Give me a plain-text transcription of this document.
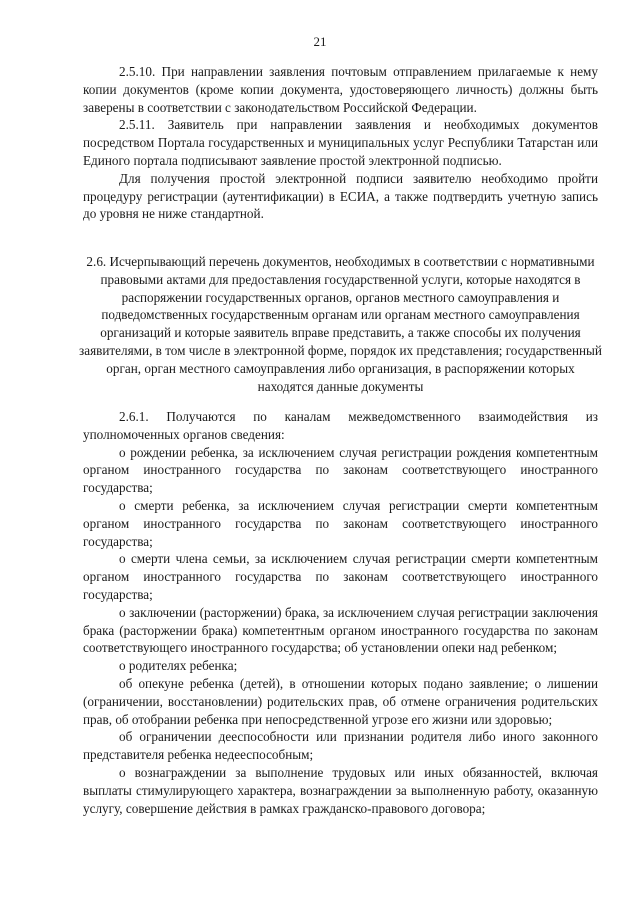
21

2.5.10. При направлении заявления почтовым отправлением прилагаемые к нему копии документов (кроме копии документа, удостоверяющего личность) должны быть заверены в соответствии с законодательством Российской Федерации.

2.5.11. Заявитель при направлении заявления и необходимых документов посредством Портала государственных и муниципальных услуг Республики Татарстан или Единого портала подписывают заявление простой электронной подписью.

Для получения простой электронной подписи заявителю необходимо пройти процедуру регистрации (аутентификации) в ЕСИА, а также подтвердить учетную запись до уровня не ниже стандартной.

2.6. Исчерпывающий перечень документов, необходимых в соответствии с нормативными правовыми актами для предоставления государственной услуги, которые находятся в распоряжении государственных органов, органов местного самоуправления и подведомственных государственным органам или органам местного самоуправления организаций и которые заявитель вправе представить, а также способы их получения заявителями, в том числе в электронной форме, порядок их представления; государственный орган, орган местного самоуправления либо организация, в распоряжении которых находятся данные документы

2.6.1. Получаются по каналам межведомственного взаимодействия из уполномоченных органов сведения:

о рождении ребенка, за исключением случая регистрации рождения компетентным органом иностранного государства по законам соответствующего иностранного государства;

о смерти ребенка, за исключением случая регистрации смерти компетентным органом иностранного государства по законам соответствующего иностранного государства;

о смерти члена семьи, за исключением случая регистрации смерти компетентным органом иностранного государства по законам соответствующего иностранного государства;

о заключении (расторжении) брака, за исключением случая регистрации заключения брака (расторжении брака) компетентным органом иностранного государства по законам соответствующего иностранного государства; об установлении опеки над ребенком;

о родителях ребенка;

об опекуне ребенка (детей), в отношении которых подано заявление; о лишении (ограничении, восстановлении) родительских прав, об отмене ограничения родительских прав, об отобрании ребенка при непосредственной угрозе его жизни или здоровью;

об ограничении дееспособности или признании родителя либо иного законного представителя ребенка недееспособным;

о вознаграждении за выполнение трудовых или иных обязанностей, включая выплаты стимулирующего характера, вознаграждении за выполненную работу, оказанную услугу, совершение действия в рамках гражданско-правового договора;
